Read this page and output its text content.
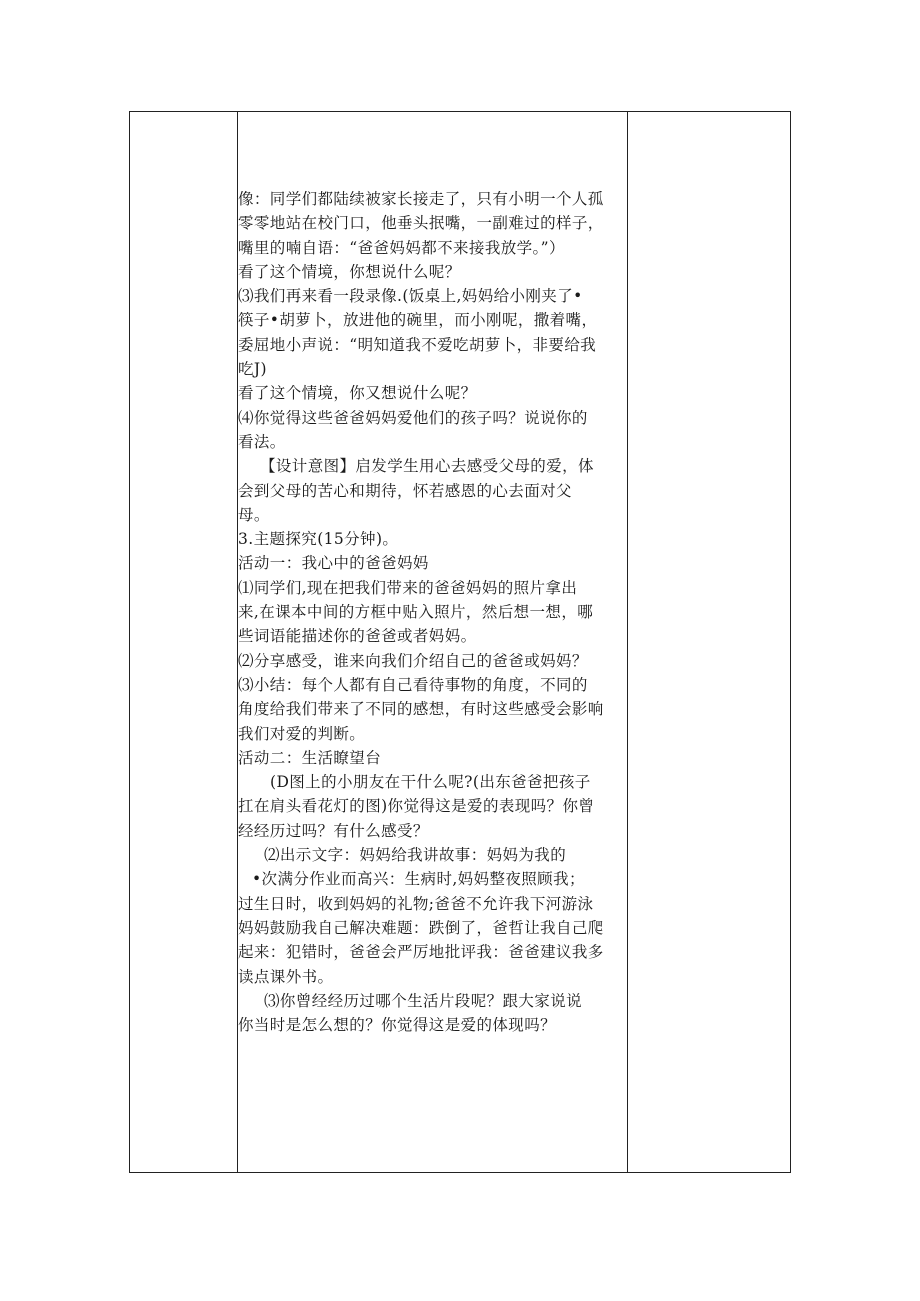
像：同学们都陆续被家长接走了，只有小明一个人孤
零零地站在校门口，他垂头抿嘴，一副难过的样子，
嘴里的喃自语：“爸爸妈妈都不来接我放学。”）
看了这个情境，你想说什么呢？
⑶我们再来看一段录像.(饭桌上,妈妈给小刚夹了•
筷子•胡萝卜，放进他的碗里，而小刚呢，撒着嘴，
委屈地小声说：“明知道我不爱吃胡萝卜，非要给我
吃J)
看了这个情境，你又想说什么呢？
⑷你觉得这些爸爸妈妈爱他们的孩子吗？说说你的
看法。
【设计意图】启发学生用心去感受父母的爱，体
会到父母的苦心和期待，怀若感恩的心去面对父
母。
3.主题探究(15分钟)。
活动一：我心中的爸爸妈妈
⑴同学们,现在把我们带来的爸爸妈妈的照片拿出
来,在课本中间的方框中贴入照片，然后想一想，哪
些词语能描述你的爸爸或者妈妈。
⑵分享感受，谁来向我们介绍自己的爸爸或妈妈？
⑶小结：每个人都有自己看待事物的角度，不同的
角度给我们带来了不同的感想，有时这些感受会影响
我们对爱的判断。
活动二：生活瞭望台
(D图上的小朋友在干什么呢?(出东爸爸把孩子
扛在肩头看花灯的图)你觉得这是爱的表现吗？你曾
经经历过吗？有什么感受？
⑵出示文字：妈妈给我讲故事：妈妈为我的
•次满分作业而高兴：生病时,妈妈整夜照顾我；
过生日时，收到妈妈的礼物;爸爸不允许我下河游泳
妈妈鼓励我自己解决难题：跌倒了，爸哲让我自己爬
起来：犯错时，爸爸会严厉地批评我：爸爸建议我多
读点课外书。
⑶你曾经经历过哪个生活片段呢？跟大家说说
你当时是怎么想的？你觉得这是爱的体现吗？
